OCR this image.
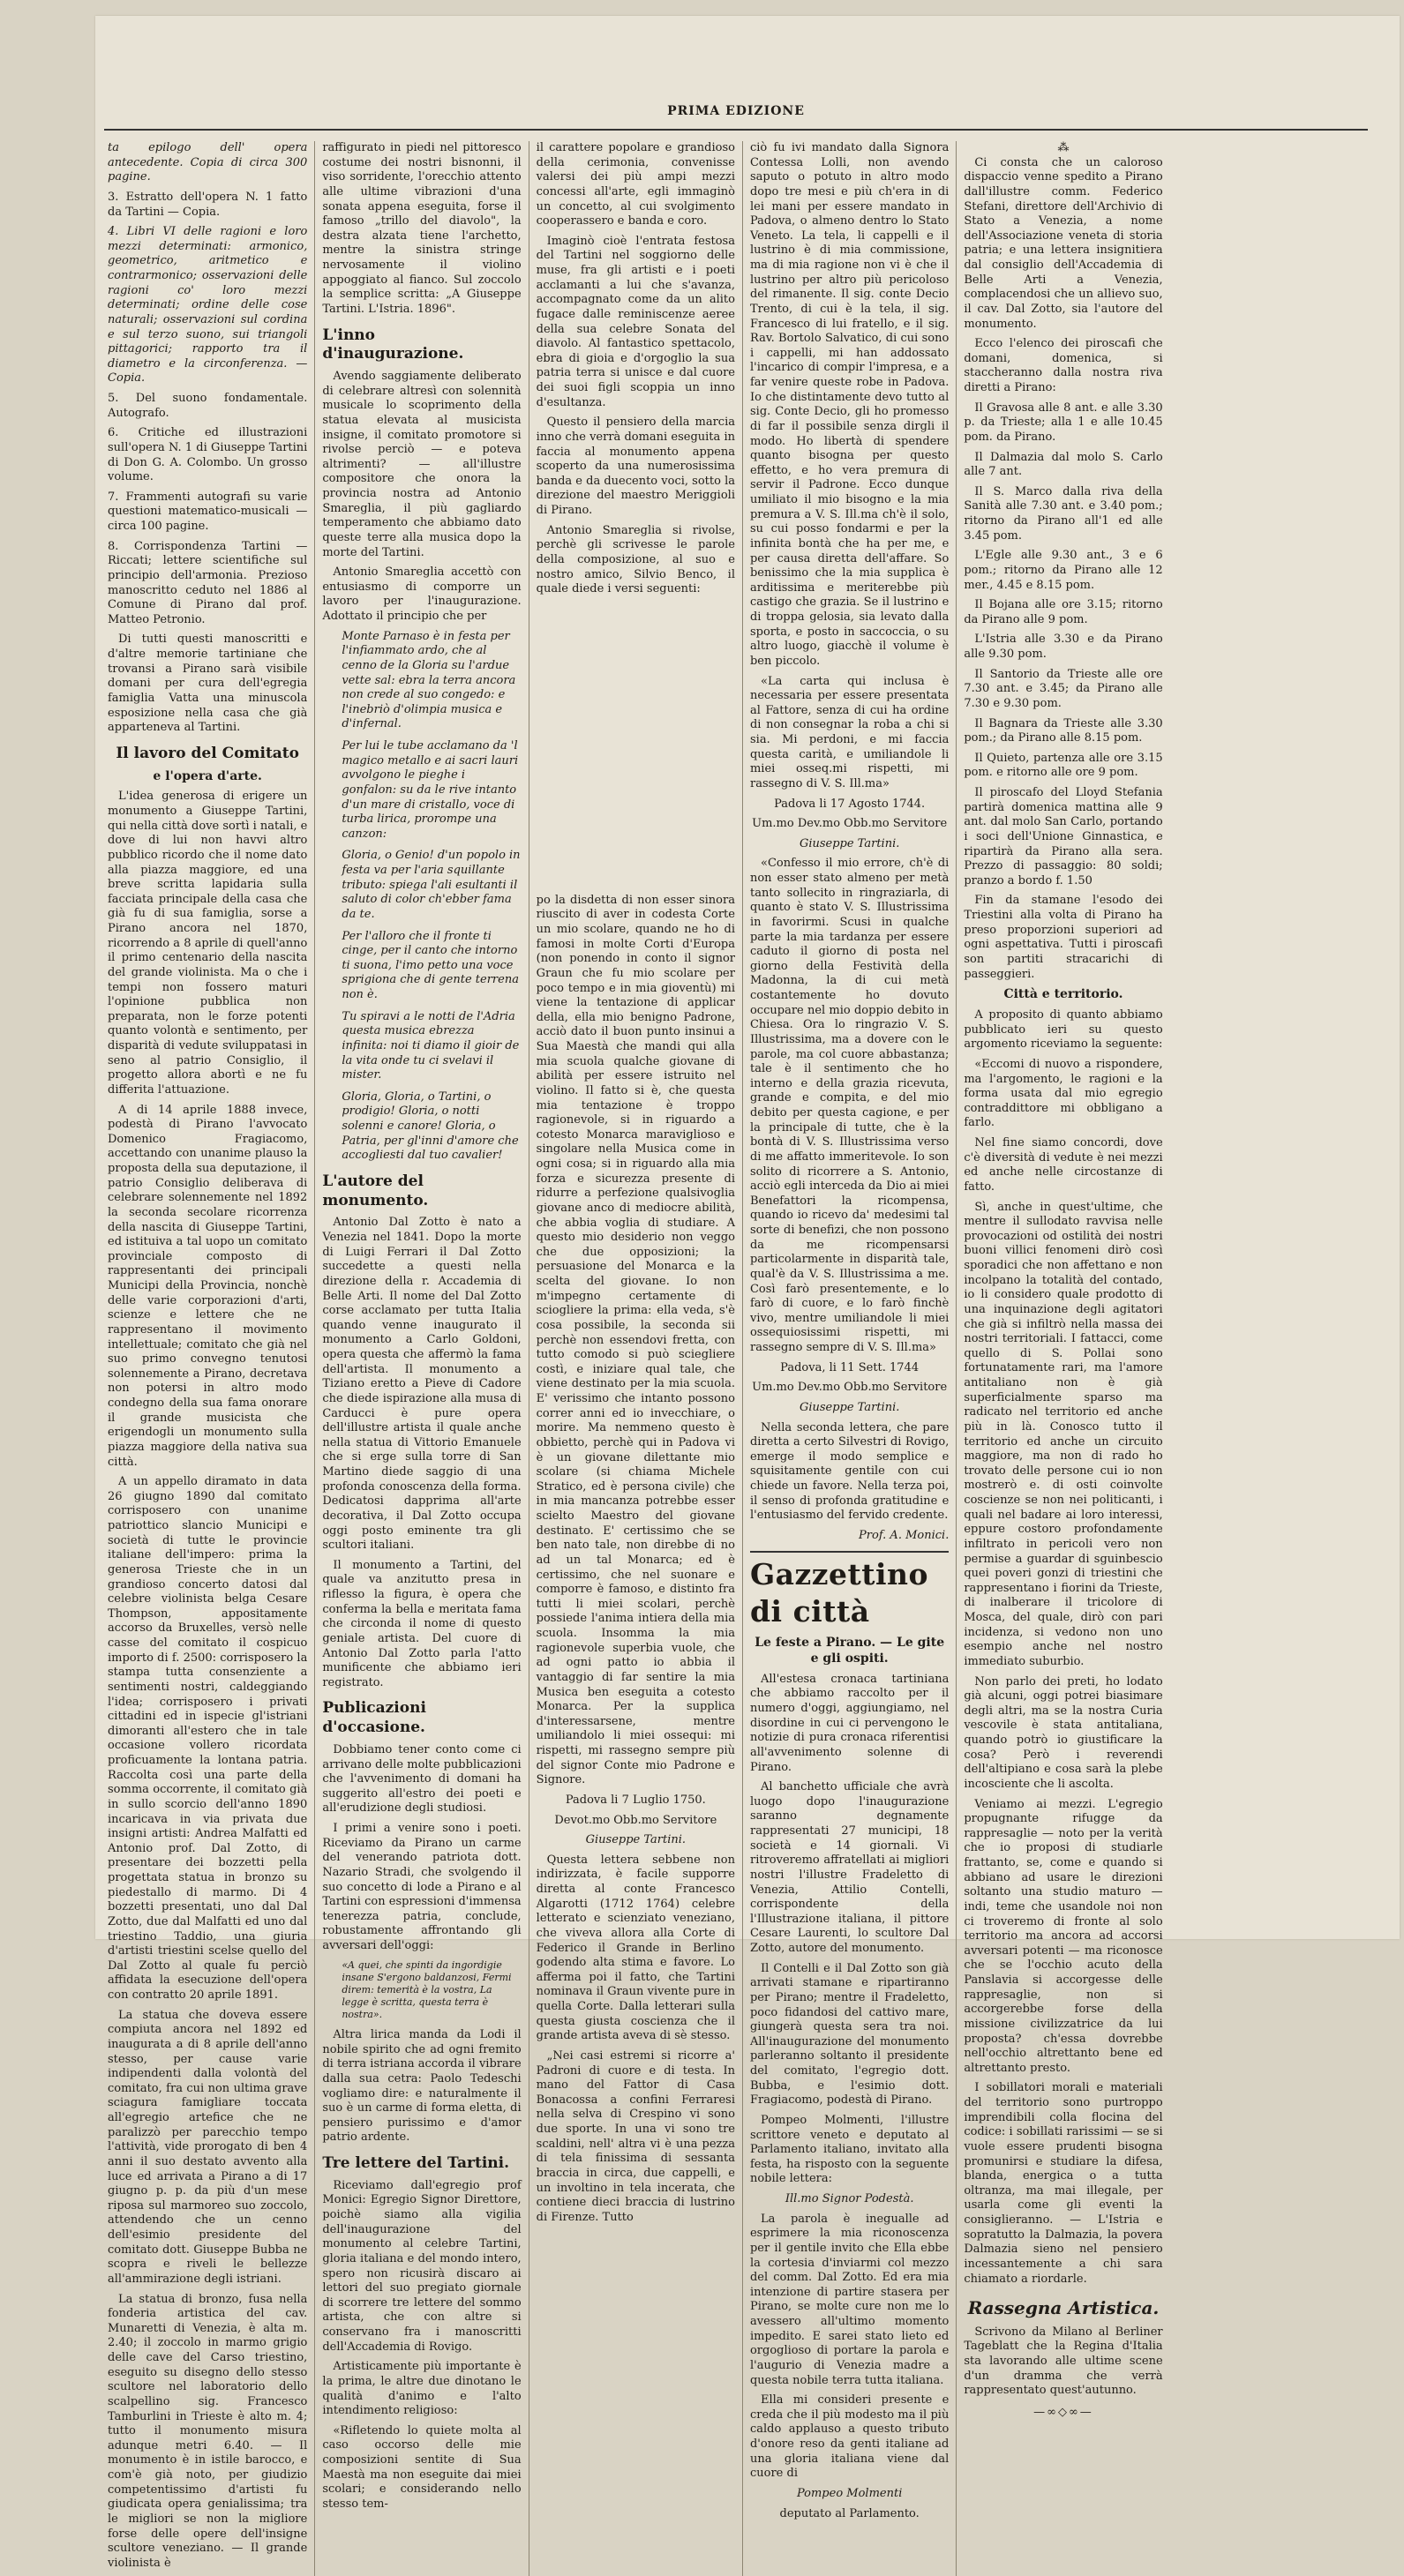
PRIMA EDIZIONE

ta epilogo dell' opera antecedente. Copia di circa 300 pagine.

3. Estratto dell'opera N. 1 fatto da Tartini — Copia.

4. Libri VI delle ragioni e loro mezzi determinati: armonico, geometrico, aritmetico e contrarmonico; osservazioni delle ragioni co' loro mezzi determinati; ordine delle cose naturali; osservazioni sul cordina e sul terzo suono, sui triangoli pittagorici; rapporto tra il diametro e la circonferenza. — Copia.

5. Del suono fondamentale. Autografo.

6. Critiche ed illustrazioni sull'opera N. 1 di Giuseppe Tartini di Don G. A. Colombo. Un grosso volume.

7. Frammenti autografi su varie questioni matematico-musicali — circa 100 pagine.

8. Corrispondenza Tartini — Riccati; lettere scientifiche sul principio dell'armonia. Prezioso manoscritto ceduto nel 1886 al Comune di Pirano dal prof. Matteo Petronio.

Di tutti questi manoscritti e d'altre memorie tartiniane che trovansi a Pirano sarà visibile domani per cura dell'egregia famiglia Vatta una minuscola esposizione nella casa che già apparteneva al Tartini.

Il lavoro del Comitato
e l'opera d'arte.

L'idea generosa di erigere un monumento a Giuseppe Tartini, qui nella città dove sortì i natali, e dove di lui non havvi altro pubblico ricordo che il nome dato alla piazza maggiore, ed una breve scritta lapidaria sulla facciata principale della casa che già fu di sua famiglia, sorse a Pirano ancora nel 1870, ricorrendo a 8 aprile di quell'anno il primo centenario della nascita del grande violinista. Ma o che i tempi non fossero maturi l'opinione pubblica non preparata, non le forze potenti quanto volontà e sentimento, per disparità di vedute sviluppatasi in seno al patrio Consiglio, il progetto allora abortì e ne fu differita l'attuazione.

A di 14 aprile 1888 invece, podestà di Pirano l'avvocato Domenico Fragiacomo, accettando con unanime plauso la proposta della sua deputazione, il patrio Consiglio deliberava di celebrare solennemente nel 1892 la seconda secolare ricorrenza della nascita di Giuseppe Tartini, ed istituiva a tal uopo un comitato provinciale composto di rappresentanti dei principali Municipi della Provincia, nonchè delle varie corporazioni d'arti, scienze e lettere che ne rappresentano il movimento intellettuale; comitato che già nel suo primo convegno tenutosi solennemente a Pirano, decretava non potersi in altro modo condegno della sua fama onorare il grande musicista che erigendogli un monumento sulla piazza maggiore della nativa sua città.

A un appello diramato in data 26 giugno 1890 dal comitato corrisposero con unanime patriottico slancio Municipi e società di tutte le provincie italiane dell'impero: prima la generosa Trieste che in un grandioso concerto datosi dal celebre violinista belga Cesare Thompson, appositamente accorso da Bruxelles, versò nelle casse del comitato il cospicuo importo di f. 2500: corrisposero la stampa tutta consenziente a sentimenti nostri, caldeggiando l'idea; corrisposero i privati cittadini ed in ispecie gl'istriani dimoranti all'estero che in tale occasione vollero ricordata proficuamente la lontana patria. Raccolta così una parte della somma occorrente, il comitato già in sullo scorcio dell'anno 1890 incaricava in via privata due insigni artisti: Andrea Malfatti ed Antonio prof. Dal Zotto, di presentare dei bozzetti pella progettata statua in bronzo su piedestallo di marmo. Di 4 bozzetti presentati, uno dal Dal Zotto, due dal Malfatti ed uno dal triestino Taddio, una giuria d'artisti triestini scelse quello del Dal Zotto al quale fu perciò affidata la esecuzione dell'opera con contratto 20 aprile 1891.

La statua che doveva essere compiuta ancora nel 1892 ed inaugurata a di 8 aprile dell'anno stesso, per cause varie indipendenti dalla volontà del comitato, fra cui non ultima grave sciagura famigliare toccata all'egregio artefice che ne paralizzò per parecchio tempo l'attività, vide prorogato di ben 4 anni il suo destato avvento alla luce ed arrivata a Pirano a di 17 giugno p. p. da più d'un mese riposa sul marmoreo suo zoccolo, attendendo che un cenno dell'esimio presidente del comitato dott. Giuseppe Bubba ne scopra e riveli le bellezze all'ammirazione degli istriani.

La statua di bronzo, fusa nella fonderia artistica del cav. Munaretti di Venezia, è alta m. 2.40; il zoccolo in marmo grigio delle cave del Carso triestino, eseguito su disegno dello stesso scultore nel laboratorio dello scalpellino sig. Francesco Tamburlini in Trieste è alto m. 4; tutto il monumento misura adunque metri 6.40. — Il monumento è in istile barocco, e com'è già noto, per giudizio competentissimo d'artisti fu giudicata opera genialissima; tra le migliori se non la migliore forse delle opere dell'insigne scultore veneziano. — Il grande violinista è

raffigurato in piedi nel pittoresco costume dei nostri bisnonni, il viso sorridente, l'orecchio attento alle ultime vibrazioni d'una sonata appena eseguita, forse il famoso „trillo del diavolo", la destra alzata tiene l'archetto, mentre la sinistra stringe nervosamente il violino appoggiato al fianco. Sul zoccolo la semplice scritta: „A Giuseppe Tartini. L'Istria. 1896".

L'inno d'inaugurazione.

Avendo saggiamente deliberato di celebrare altresì con solennità musicale lo scoprimento della statua elevata al musicista insigne, il comitato promotore si rivolse perciò — e poteva altrimenti? — all'illustre compositore che onora la provincia nostra ad Antonio Smareglia, il più gagliardo temperamento che abbiamo dato queste terre alla musica dopo la morte del Tartini.

Antonio Smareglia accettò con entusiasmo di comporre un lavoro per l'inaugurazione. Adottato il principio che per

Monte Parnaso è in festa per l'infiammato ardo, che al cenno de la Gloria su l'ardue vette sal: ebra la terra ancora non crede al suo congedo: e l'inebriò d'olimpia musica e d'infernal.
Per lui le tube acclamano da 'l magico metallo e ai sacri lauri avvolgono le pieghe i gonfalon: su da le rive intanto d'un mare di cristallo, voce di turba lirica, prorompe una canzon:
Gloria, o Genio! d'un popolo in festa va per l'aria squillante tributo: spiega l'ali esultanti il saluto di color ch'ebber fama da te.
Per l'alloro che il fronte ti cinge, per il canto che intorno ti suona, l'imo petto una voce sprigiona che di gente terrena non è.
Tu spiravi a le notti de l'Adria questa musica ebrezza infinita: noi ti diamo il gioir de la vita onde tu ci svelavi il mister.
Gloria, Gloria, o Tartini, o prodigio! Gloria, o notti solenni e canore! Gloria, o Patria, per gl'inni d'amore che accogliesti dal tuo cavalier!
L'autore del monumento.

Antonio Dal Zotto è nato a Venezia nel 1841. Dopo la morte di Luigi Ferrari il Dal Zotto succedette a questi nella direzione della r. Accademia di Belle Arti. Il nome del Dal Zotto corse acclamato per tutta Italia quando venne inaugurato il monumento a Carlo Goldoni, opera questa che affermò la fama dell'artista. Il monumento a Tiziano eretto a Pieve di Cadore che diede ispirazione alla musa di Carducci è pure opera dell'illustre artista il quale anche nella statua di Vittorio Emanuele che si erge sulla torre di San Martino diede saggio di una profonda conoscenza della forma. Dedicatosi dapprima all'arte decorativa, il Dal Zotto occupa oggi posto eminente tra gli scultori italiani.

Il monumento a Tartini, del quale va anzitutto presa in riflesso la figura, è opera che conferma la bella e meritata fama che circonda il nome di questo geniale artista. Del cuore di Antonio Dal Zotto parla l'atto munificente che abbiamo ieri registrato.

Publicazioni d'occasione.

Dobbiamo tener conto come ci arrivano delle molte pubblicazioni che l'avvenimento di domani ha suggerito all'estro dei poeti e all'erudizione degli studiosi.

I primi a venire sono i poeti. Riceviamo da Pirano un carme del venerando patriota dott. Nazario Stradi, che svolgendo il suo concetto di lode a Pirano e al Tartini con espressioni d'immensa tenerezza patria, conclude, robustamente affrontando gli avversari dell'oggi:

«A quei, che spinti da ingordigie insane S'ergono baldanzosi, Fermi direm: temerità è la vostra, La legge è scritta, questa terra è nostra».

Altra lirica manda da Lodi il nobile spirito che ad ogni fremito di terra istriana accorda il vibrare dalla sua cetra: Paolo Tedeschi vogliamo dire: e naturalmente il suo è un carme di forma eletta, di pensiero purissimo e d'amor patrio ardente.

Tre lettere del Tartini.

Riceviamo dall'egregio prof Monici: Egregio Signor Direttore, poichè siamo alla vigilia dell'inaugurazione del monumento al celebre Tartini, gloria italiana e del mondo intero, spero non ricusirà discaro ai lettori del suo pregiato giornale di scorrere tre lettere del sommo artista, che con altre si conservano fra i manoscritti dell'Accademia di Rovigo.

Artisticamente più importante è la prima, le altre due dinotano le qualità d'animo e l'alto intendimento religioso:

«Rifletendo lo quiete molta al caso occorso delle mie composizioni sentite di Sua Maestà ma non eseguite dai miei scolari; e considerando nello stesso tem-

il carattere popolare e grandioso della cerimonia, convenisse valersi dei più ampi mezzi concessi all'arte, egli immaginò un concetto, al cui svolgimento cooperassero e banda e coro.

Imaginò cioè l'entrata festosa del Tartini nel soggiorno delle muse, fra gli artisti e i poeti acclamanti a lui che s'avanza, accompagnato come da un alito fugace dalle reminiscenze aeree della sua celebre Sonata del diavolo. Al fantastico spettacolo, ebra di gioia e d'orgoglio la sua patria terra si unisce e dal cuore dei suoi figli scoppia un inno d'esultanza.

Questo il pensiero della marcia inno che verrà domani eseguita in faccia al monumento appena scoperto da una numerosissima banda e da duecento voci, sotto la direzione del maestro Meriggioli di Pirano.

Antonio Smareglia si rivolse, perchè gli scrivesse le parole della composizione, al suo e nostro amico, Silvio Benco, il quale diede i versi seguenti:

po la disdetta di non esser sinora riuscito di aver in codesta Corte un mio scolare, quando ne ho di famosi in molte Corti d'Europa (non ponendo in conto il signor Graun che fu mio scolare per poco tempo e in mia gioventù) mi viene la tentazione di applicar della, ella mio benigno Padrone, acciò dato il buon punto insinui a Sua Maestà che mandi qui alla mia scuola qualche giovane di abilità per essere istruito nel violino. Il fatto si è, che questa mia tentazione è troppo ragionevole, si in riguardo a cotesto Monarca maraviglioso e singolare nella Musica come in ogni cosa; si in riguardo alla mia forza e sicurezza presente di ridurre a perfezione qualsivoglia giovane anco di mediocre abilità, che abbia voglia di studiare. A questo mio desiderio non veggo che due opposizioni; la persuasione del Monarca e la scelta del giovane. Io non m'impegno certamente di sciogliere la prima: ella veda, s'è cosa possibile, la seconda sii perchè non essendovi fretta, con tutto comodo si può sciegliere costì, e iniziare qual tale, che viene destinato per la mia scuola. E' verissimo che intanto possono correr anni ed io invecchiare, o morire. Ma nemmeno questo è obbietto, perchè qui in Padova vi è un giovane dilettante mio scolare (si chiama Michele Stratico, ed è persona civile) che in mia mancanza potrebbe esser scielto Maestro del giovane destinato. E' certissimo che se ben nato tale, non direbbe di no ad un tal Monarca; ed è certissimo, che nel suonare e comporre è famoso, e distinto fra tutti li miei scolari, perchè possiede l'anima intiera della mia scuola. Insomma la mia ragionevole superbia vuole, che ad ogni patto io abbia il vantaggio di far sentire la mia Musica ben eseguita a cotesto Monarca. Per la supplica d'interessarsene, mentre umiliandolo li miei ossequi: mi rispetti, mi rassegno sempre più del signor Conte mio Padrone e Signore.

Padova li 7 Luglio 1750.

Devot.mo Obb.mo Servitore

Giuseppe Tartini.

Questa lettera sebbene non indirizzata, è facile supporre diretta al conte Francesco Algarotti (1712 1764) celebre letterato e scienziato veneziano, che viveva allora alla Corte di Federico il Grande in Berlino godendo alta stima e favore. Lo afferma poi il fatto, che Tartini nominava il Graun vivente pure in quella Corte. Dalla letterari sulla questa giusta coscienza che il grande artista aveva di sè stesso.

„Nei casi estremi si ricorre a' Padroni di cuore e di testa. In mano del Fattor di Casa Bonacossa a confini Ferraresi nella selva di Crespino vi sono due sporte. In una vi sono tre scaldini, nell' altra vi è una pezza di tela finissima di sessanta braccia in circa, due cappelli, e un involtino in tela incerata, che contiene dieci braccia di lustrino di Firenze. Tutto

ciò fu ivi mandato dalla Signora Contessa Lolli, non avendo saputo o potuto in altro modo dopo tre mesi e più ch'era in di lei mani per essere mandato in Padova, o almeno dentro lo Stato Veneto. La tela, li cappelli e il lustrino è di mia commissione, ma di mia ragione non vi è che il lustrino per altro più pericoloso del rimanente. Il sig. conte Decio Trento, di cui è la tela, il sig. Francesco di lui fratello, e il sig. Rav. Bortolo Salvatico, di cui sono i cappelli, mi han addossato l'incarico di compir l'impresa, e a far venire queste robe in Padova. Io che distintamente devo tutto al sig. Conte Decio, gli ho promesso di far il possibile senza dirgli il modo. Ho libertà di spendere quanto bisogna per questo effetto, e ho vera premura di servir il Padrone. Ecco dunque umiliato il mio bisogno e la mia premura a V. S. Ill.ma ch'è il solo, su cui posso fondarmi e per la infinita bontà che ha per me, e per causa diretta dell'affare. So benissimo che la mia supplica è arditissima e meriterebbe più castigo che grazia. Se il lustrino e di troppa gelosia, sia levato dalla sporta, e posto in saccoccia, o su altro luogo, giacchè il volume è ben piccolo.

«La carta qui inclusa è necessaria per essere presentata al Fattore, senza di cui ha ordine di non consegnar la roba a chi si sia. Mi perdoni, e mi faccia questa carità, e umiliandole li miei osseq.mi rispetti, mi rassegno di V. S. Ill.ma»

Padova li 17 Agosto 1744.

Um.mo Dev.mo Obb.mo Servitore

Giuseppe Tartini.

«Confesso il mio errore, ch'è di non esser stato almeno per metà tanto sollecito in ringraziarla, di quanto è stato V. S. Illustrissima in favorirmi. Scusi in qualche parte la mia tardanza per essere caduto il giorno di posta nel giorno della Festività della Madonna, la di cui metà costantemente ho dovuto occupare nel mio doppio debito in Chiesa. Ora lo ringrazio V. S. Illustrissima, ma a dovere con le parole, ma col cuore abbastanza; tale è il sentimento che ho interno e della grazia ricevuta, grande e compita, e del mio debito per questa cagione, e per la principale di tutte, che è la bontà di V. S. Illustrissima verso di me affatto immeritevole. Io son solito di ricorrere a S. Antonio, acciò egli interceda da Dio ai miei Benefattori la ricompensa, quando io ricevo da' medesimi tal sorte di benefizi, che non possono da me ricompensarsi particolarmente in disparità tale, qual'è da V. S. Illustrissima a me. Così farò presentemente, e lo farò di cuore, e lo farò finchè vivo, mentre umiliandole li miei ossequiosissimi rispetti, mi rassegno sempre di V. S. Ill.ma»

Padova, li 11 Sett. 1744

Um.mo Dev.mo Obb.mo Servitore

Giuseppe Tartini.

Nella seconda lettera, che pare diretta a certo Silvestri di Rovigo, emerge il modo semplice e squisitamente gentile con cui chiede un favore. Nella terza poi, il senso di profonda gratitudine e l'entusiasmo del fervido credente.

Prof. A. Monici.

Gazzettino di città
Le feste a Pirano. — Le gite e gli ospiti.

All'estesa cronaca tartiniana che abbiamo raccolto per il numero d'oggi, aggiungiamo, nel disordine in cui ci pervengono le notizie di pura cronaca riferentisi all'avvenimento solenne di Pirano.

Al banchetto ufficiale che avrà luogo dopo l'inaugurazione saranno degnamente rappresentati 27 municipi, 18 società e 14 giornali. Vi ritroveremo affratellati ai migliori nostri l'illustre Fradeletto di Venezia, Attilio Contelli, corrispondente della l'Illustrazione italiana, il pittore Cesare Laurenti, lo scultore Dal Zotto, autore del monumento.

Il Contelli e il Dal Zotto son già arrivati stamane e ripartiranno per Pirano; mentre il Fradeletto, poco fidandosi del cattivo mare, giungerà questa sera tra noi. All'inaugurazione del monumento parleranno soltanto il presidente del comitato, l'egregio dott. Bubba, e l'esimio dott. Fragiacomo, podestà di Pirano.

Pompeo Molmenti, l'illustre scrittore veneto e deputato al Parlamento italiano, invitato alla festa, ha risposto con la seguente nobile lettera:

Ill.mo Signor Podestà.

La parola è inegualle ad esprimere la mia riconoscenza per il gentile invito che Ella ebbe la cortesia d'inviarmi col mezzo del comm. Dal Zotto. Ed era mia intenzione di partire stasera per Pirano, se molte cure non me lo avessero all'ultimo momento impedito. E sarei stato lieto ed orgoglioso di portare la parola e l'augurio di Venezia madre a questa nobile terra tutta italiana.

Ella mi consideri presente e creda che il più modesto ma il più caldo applauso a questo tributo d'onore reso da genti italiane ad una gloria italiana viene dal cuore di

Pompeo Molmenti

deputato al Parlamento.

⁂

Ci consta che un caloroso dispaccio venne spedito a Pirano dall'illustre comm. Federico Stefani, direttore dell'Archivio di Stato a Venezia, a nome dell'Associazione veneta di storia patria; e una lettera insignitiera dal consiglio dell'Accademia di Belle Arti a Venezia, complacendosi che un allievo suo, il cav. Dal Zotto, sia l'autore del monumento.

Ecco l'elenco dei piroscafi che domani, domenica, si staccheranno dalla nostra riva diretti a Pirano:

Il Gravosa alle 8 ant. e alle 3.30 p. da Trieste; alla 1 e alle 10.45 pom. da Pirano.

Il Dalmazia dal molo S. Carlo alle 7 ant.

Il S. Marco dalla riva della Sanità alle 7.30 ant. e 3.40 pom.; ritorno da Pirano all'1 ed alle 3.45 pom.

L'Egle alle 9.30 ant., 3 e 6 pom.; ritorno da Pirano alle 12 mer., 4.45 e 8.15 pom.

Il Bojana alle ore 3.15; ritorno da Pirano alle 9 pom.

L'Istria alle 3.30 e da Pirano alle 9.30 pom.

Il Santorio da Trieste alle ore 7.30 ant. e 3.45; da Pirano alle 7.30 e 9.30 pom.

Il Bagnara da Trieste alle 3.30 pom.; da Pirano alle 8.15 pom.

Il Quieto, partenza alle ore 3.15 pom. e ritorno alle ore 9 pom.

Il piroscafo del Lloyd Stefania partirà domenica mattina alle 9 ant. dal molo San Carlo, portando i soci dell'Unione Ginnastica, e ripartirà da Pirano alla sera. Prezzo di passaggio: 80 soldi; pranzo a bordo f. 1.50

Fin da stamane l'esodo dei Triestini alla volta di Pirano ha preso proporzioni superiori ad ogni aspettativa. Tutti i piroscafi son partiti stracarichi di passeggieri.

Città e territorio.

A proposito di quanto abbiamo pubblicato ieri su questo argomento riceviamo la seguente:

«Eccomi di nuovo a rispondere, ma l'argomento, le ragioni e la forma usata dal mio egregio contraddittore mi obbligano a farlo.

Nel fine siamo concordi, dove c'è diversità di vedute è nei mezzi ed anche nelle circostanze di fatto.

Sì, anche in quest'ultime, che mentre il sullodato ravvisa nelle provocazioni od ostilità dei nostri buoni villici fenomeni dirò così sporadici che non affettano e non incolpano la totalità del contado, io li considero quale prodotto di una inquinazione degli agitatori che già si infiltrò nella massa dei nostri territoriali. I fattacci, come quello di S. Pollai sono fortunatamente rari, ma l'amore antitaliano non è già superficialmente sparso ma radicato nel territorio ed anche più in là. Conosco tutto il territorio ed anche un circuito maggiore, ma non di rado ho trovato delle persone cui io non mostrerò e. di osti coinvolte coscienze se non nei politicanti, i quali nel badare ai loro interessi, eppure costoro profondamente infiltrato in pericoli vero non permise a guardar di sguinbescio quei poveri gonzi di triestini che rappresentano i fiorini da Trieste, di inalberare il tricolore di Mosca, del quale, dirò con pari incidenza, si vedono non uno esempio anche nel nostro immediato suburbio.

Non parlo dei preti, ho lodato già alcuni, oggi potrei biasimare degli altri, ma se la nostra Curia vescovile è stata antitaliana, quando potrò io giustificare la cosa? Però i reverendi dell'altipiano e cosa sarà la plebe incosciente che li ascolta.

Veniamo ai mezzi. L'egregio propugnante rifugge da rappresaglie — noto per la verità che io proposi di studiarle frattanto, se, come e quando si abbiano ad usare le direzioni soltanto una studio maturo — indi, teme che usandole noi non ci troveremo di fronte al solo territorio ma ancora ad accorsi avversari potenti — ma riconosce che se l'occhio acuto della Panslavia si accorgesse delle rappresaglie, non si accorgerebbe forse della missione civilizzatrice da lui proposta? ch'essa dovrebbe nell'occhio altrettanto bene ed altrettanto presto.

I sobillatori morali e materiali del territorio sono purtroppo imprendibili colla flocina del codice: i sobillati rarissimi — se si vuole essere prudenti bisogna promunirsi e studiare la difesa, blanda, energica o a tutta oltranza, ma mai illegale, per usarla come gli eventi la consiglieranno. — L'Istria e sopratutto la Dalmazia, la povera Dalmazia sieno nel pensiero incessantemente a chi sara chiamato a riordarle.

Rassegna Artistica.

Scrivono da Milano al Berliner Tageblatt che la Regina d'Italia sta lavorando alle ultime scene d'un dramma che verrà rappresentato quest'autunno.

—∞◇∞—
